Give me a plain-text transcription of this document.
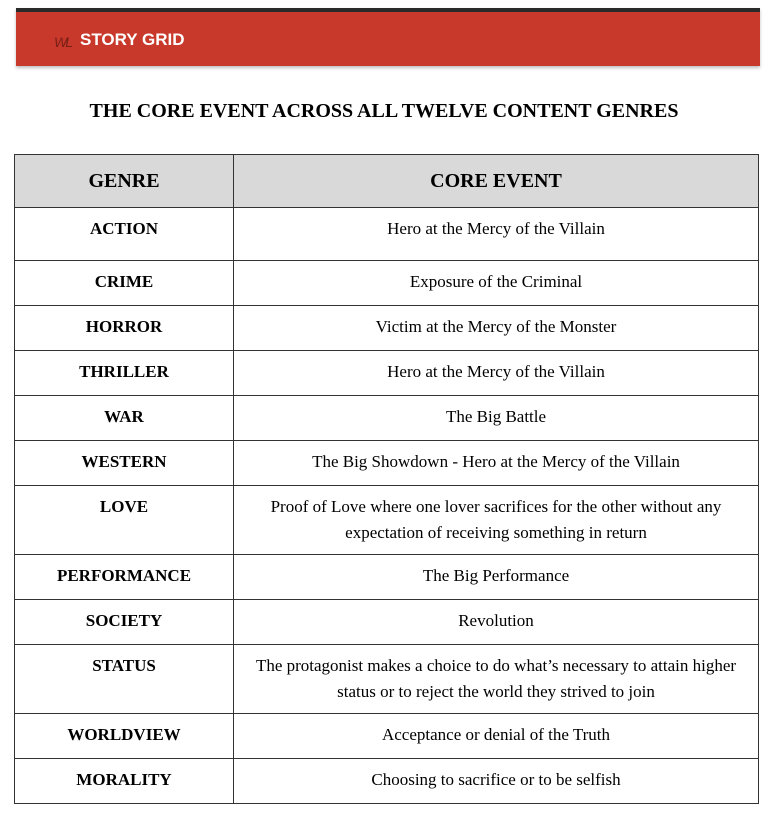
WL STORY GRID
THE CORE EVENT ACROSS ALL TWELVE CONTENT GENRES
GENRE	CORE EVENT
ACTION	Hero at the Mercy of the Villain
CRIME	Exposure of the Criminal
HORROR	Victim at the Mercy of the Monster
THRILLER	Hero at the Mercy of the Villain
WAR	The Big Battle
WESTERN	The Big Showdown - Hero at the Mercy of the Villain
LOVE	Proof of Love where one lover sacrifices for the other without any expectation of receiving something in return
PERFORMANCE	The Big Performance
SOCIETY	Revolution
STATUS	The protagonist makes a choice to do what’s necessary to attain higher status or to reject the world they strived to join
WORLDVIEW	Acceptance or denial of the Truth
MORALITY	Choosing to sacrifice or to be selfish
